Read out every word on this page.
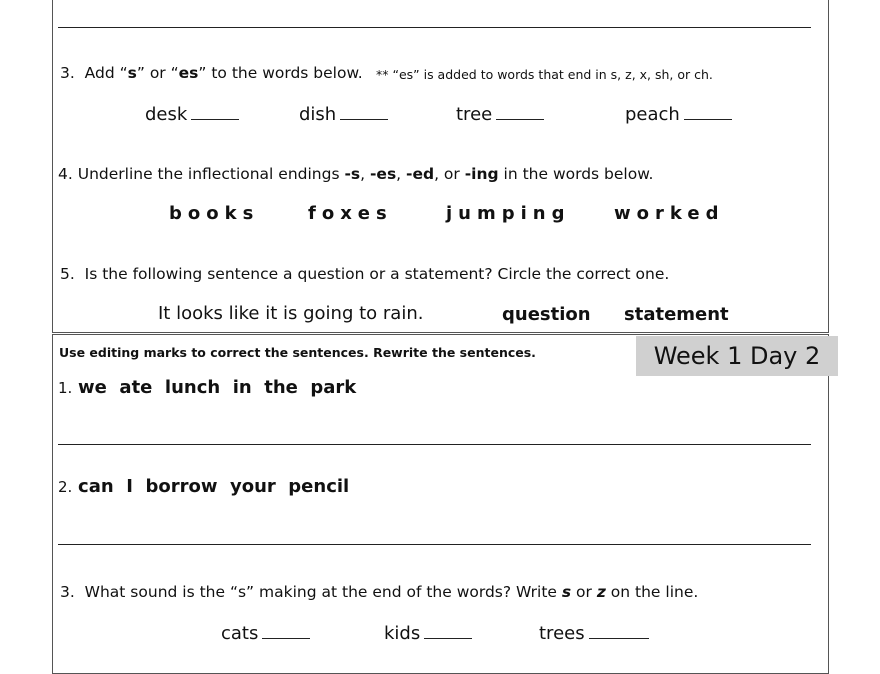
3. Add “s” or “es” to the words below. ** “es” is added to words that end in s, z, x, sh, or ch.
desk	dish	tree	peach
4. Underline the inflectional endings -s, -es, -ed, or -ing in the words below.
books	foxes	jumping worked
5. Is the following sentence a question or a statement? Circle the correct one.
It looks like it is going to rain.	question statement
Use editing marks to correct the sentences. Rewrite the sentences.	Week 1 Day 2
1. we  ate  lunch  in  the  park
2. can  I  borrow  your  pencil
3. What sound is the “s” making at the end of the words? Write s or z on the line.
cats	kids	trees
